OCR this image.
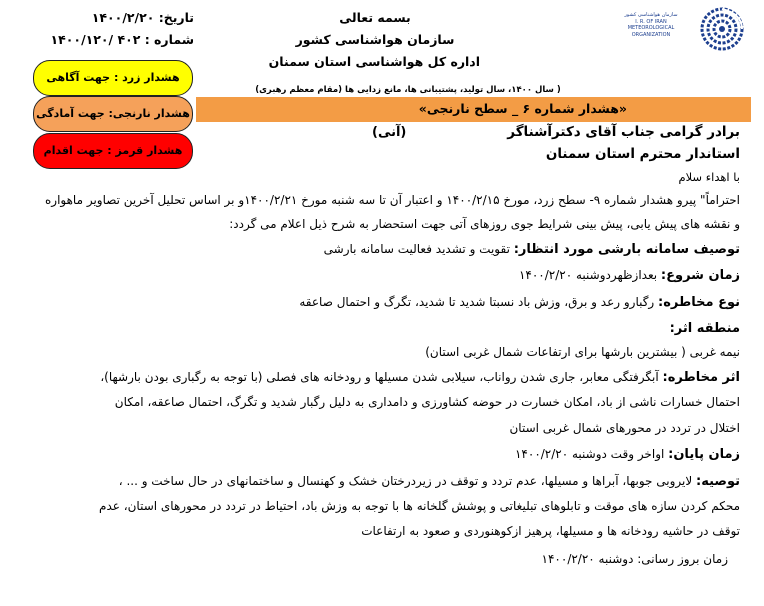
تاریخ: ۱۴۰۰/۲/۲۰
شماره : ۴۰۲ /۱۴۰۰/۱۲۰
بسمه تعالی
سازمان هواشناسی کشور
اداره کل هواشناسی استان سمنان
سازمان هواشناسی کشور
I. R. OF IRAN
METEOROLOGICAL
ORGANIZATION
( سال ۱۴۰۰، سال تولید، پشتیبانی ها، مانع زدایی ها (مقام معظم رهبری)
هشدار زرد : جهت آگاهی
هشدار نارنجی: جهت آمادگی
هشدار قرمز : جهت اقدام
«هشدار شماره ۶ _ سطح نارنجی»
برادر گرامی جناب آقای دکترآشناگر
(آنی)
استاندار محترم استان سمنان
با اهداء سلام
احتراماً" پیرو هشدار شماره ۹- سطح زرد، مورخ ۱۴۰۰/۲/۱۵ و اعتبار آن تا سه شنبه مورخ ۱۴۰۰/۲/۲۱و بر اساس تحلیل آخرین تصاویر ماهواره
و نقشه های پیش یابی، پیش بینی شرایط جوی روزهای آتی جهت استحضار به شرح ذیل اعلام می گردد:
توصیف سامانه بارشی مورد انتظار: تقویت و تشدید فعالیت سامانه بارشی
زمان شروع: بعدازظهردوشنبه ۱۴۰۰/۲/۲۰
نوع مخاطره: رگبارو رعد و برق، وزش باد نسبتا شدید تا شدید، تگرگ و احتمال صاعقه
منطقه اثر:
نیمه غربی ( بیشترین بارشها برای ارتفاعات شمال غربی استان)
اثر مخاطره: آبگرفتگی معابر، جاری شدن رواناب، سیلابی شدن مسیلها و رودخانه های فصلی (با توجه به رگباری بودن بارشها)،
احتمال خسارات ناشی از باد، امکان خسارت در حوضه کشاورزی و دامداری به دلیل رگبار شدید و تگرگ، احتمال صاعقه، امکان
اختلال در تردد در محورهای شمال غربی استان
زمان پایان: اواخر وقت دوشنبه ۱۴۰۰/۲/۲۰
توصیه: لایروبی جوبها، آبراها و مسیلها، عدم تردد و توقف در زیردرختان خشک و کهنسال و ساختمانهای در حال ساخت و ... ،
محکم کردن سازه های موقت و تابلوهای تبلیغاتی و پوشش گلخانه ها با توجه به وزش باد، احتیاط در تردد در محورهای استان، عدم
توقف در حاشیه رودخانه ها و مسیلها، پرهیز ازکوهنوردی و صعود به ارتفاعات
زمان بروز رسانی: دوشنبه ۱۴۰۰/۲/۲۰
